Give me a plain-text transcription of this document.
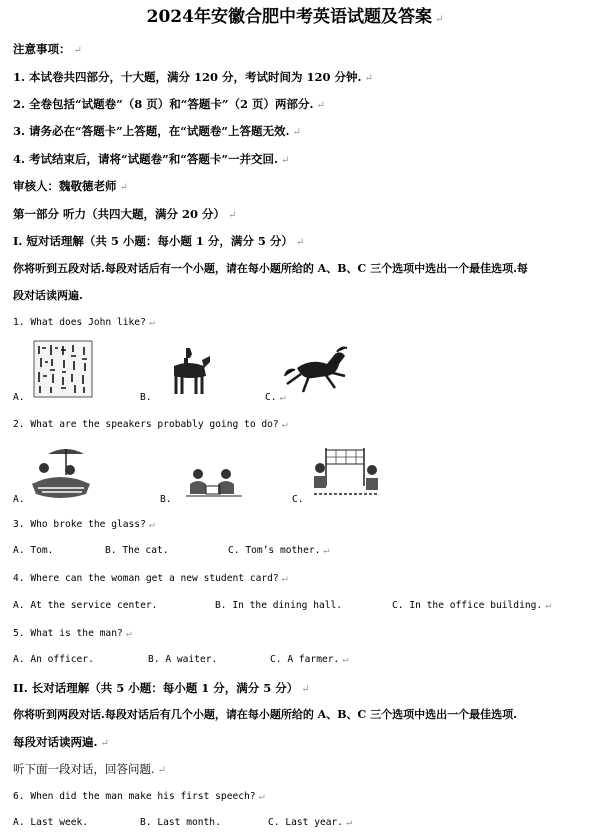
2024年安徽合肥中考英语试题及答案 ↵
注意事项： ↵
1. 本试卷共四部分，十大题，满分 120 分，考试时间为 120 分钟. ↵
2. 全卷包括“试题卷”（8 页）和“答题卡”（2 页）两部分. ↵
3. 请务必在“答题卡”上答题，在“试题卷”上答题无效. ↵
4. 考试结束后，请将“试题卷”和“答题卡”一并交回. ↵
审核人：魏敬德老师 ↵
第一部分 听力（共四大题，满分 20 分） ↵
I. 短对话理解（共 5 小题：每小题 1 分，满分 5 分） ↵
你将听到五段对话.每段对话后有一个小题，请在每小题所给的 A、B、C 三个选项中选出一个最佳选项.每
段对话读两遍.
1. What does John like? ↵
A.	B.	C. ↵
2. What are the speakers probably going to do? ↵
A.	B.	C.
3. Who broke the glass? ↵
A. Tom.	B. The cat.	C. Tom’s mother. ↵
4. Where can the woman get a new student card? ↵
A. At the service center.	B. In the dining hall.	C. In the office building. ↵
5. What is the man? ↵
A. An officer.	B. A waiter.	C. A farmer. ↵
II. 长对话理解（共 5 小题：每小题 1 分，满分 5 分） ↵
你将听到两段对话.每段对话后有几个小题，请在每小题所给的 A、B、C 三个选项中选出一个最佳选项.
每段对话读两遍. ↵
听下面一段对话，回答问题. ↵
6. When did the man make his first speech? ↵
A. Last week.	B. Last month.	C. Last year. ↵
